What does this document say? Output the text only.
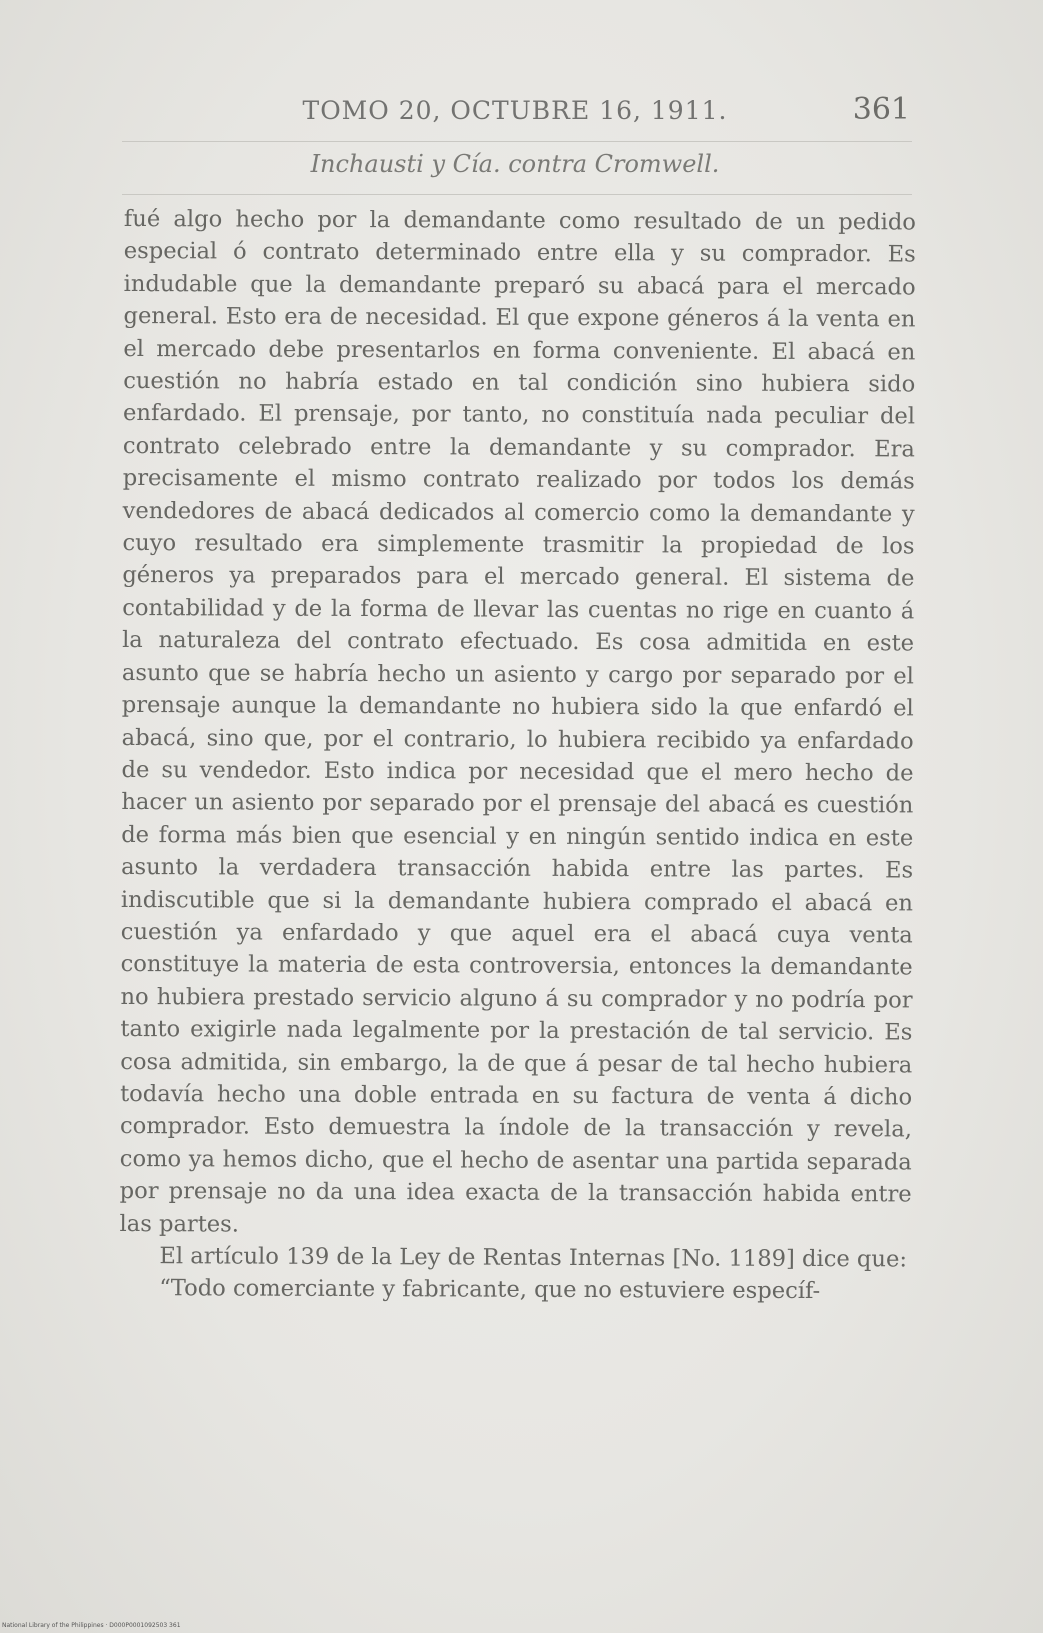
TOMO 20, OCTUBRE 16, 1911.	361
Inchausti y Cía. contra Cromwell.

fué algo hecho por la demandante como resultado de un pedido especial ó contrato determinado entre ella y su comprador. Es indudable que la demandante preparó su abacá para el mercado general. Esto era de necesidad. El que expone géneros á la venta en el mercado debe presentarlos en forma conveniente. El abacá en cuestión no habría estado en tal condición sino hubiera sido enfardado. El prensaje, por tanto, no constituía nada peculiar del contrato celebrado entre la demandante y su comprador. Era precisamente el mismo contrato realizado por todos los demás vendedores de abacá dedicados al comercio como la demandante y cuyo resultado era simplemente trasmitir la propiedad de los géneros ya preparados para el mercado general. El sistema de contabilidad y de la forma de llevar las cuentas no rige en cuanto á la naturaleza del contrato efectuado. Es cosa admitida en este asunto que se habría hecho un asiento y cargo por separado por el prensaje aunque la demandante no hubiera sido la que enfardó el abacá, sino que, por el contrario, lo hubiera recibido ya enfardado de su vendedor. Esto indica por necesidad que el mero hecho de hacer un asiento por separado por el prensaje del abacá es cuestión de forma más bien que esencial y en ningún sentido indica en este asunto la verdadera transacción habida entre las partes. Es indiscutible que si la demandante hubiera comprado el abacá en cuestión ya enfardado y que aquel era el abacá cuya venta constituye la materia de esta controversia, entonces la demandante no hubiera prestado servicio alguno á su comprador y no podría por tanto exigirle nada legalmente por la prestación de tal servicio. Es cosa admitida, sin embargo, la de que á pesar de tal hecho hubiera todavía hecho una doble entrada en su factura de venta á dicho comprador. Esto demuestra la índole de la transacción y revela, como ya hemos dicho, que el hecho de asentar una partida separada por prensaje no da una idea exacta de la transacción habida entre las partes.

El artículo 139 de la Ley de Rentas Internas [No. 1189] dice que:

“Todo comerciante y fabricante, que no estuviere específ-

National Library of the Philippines · D000P0001092503 361
